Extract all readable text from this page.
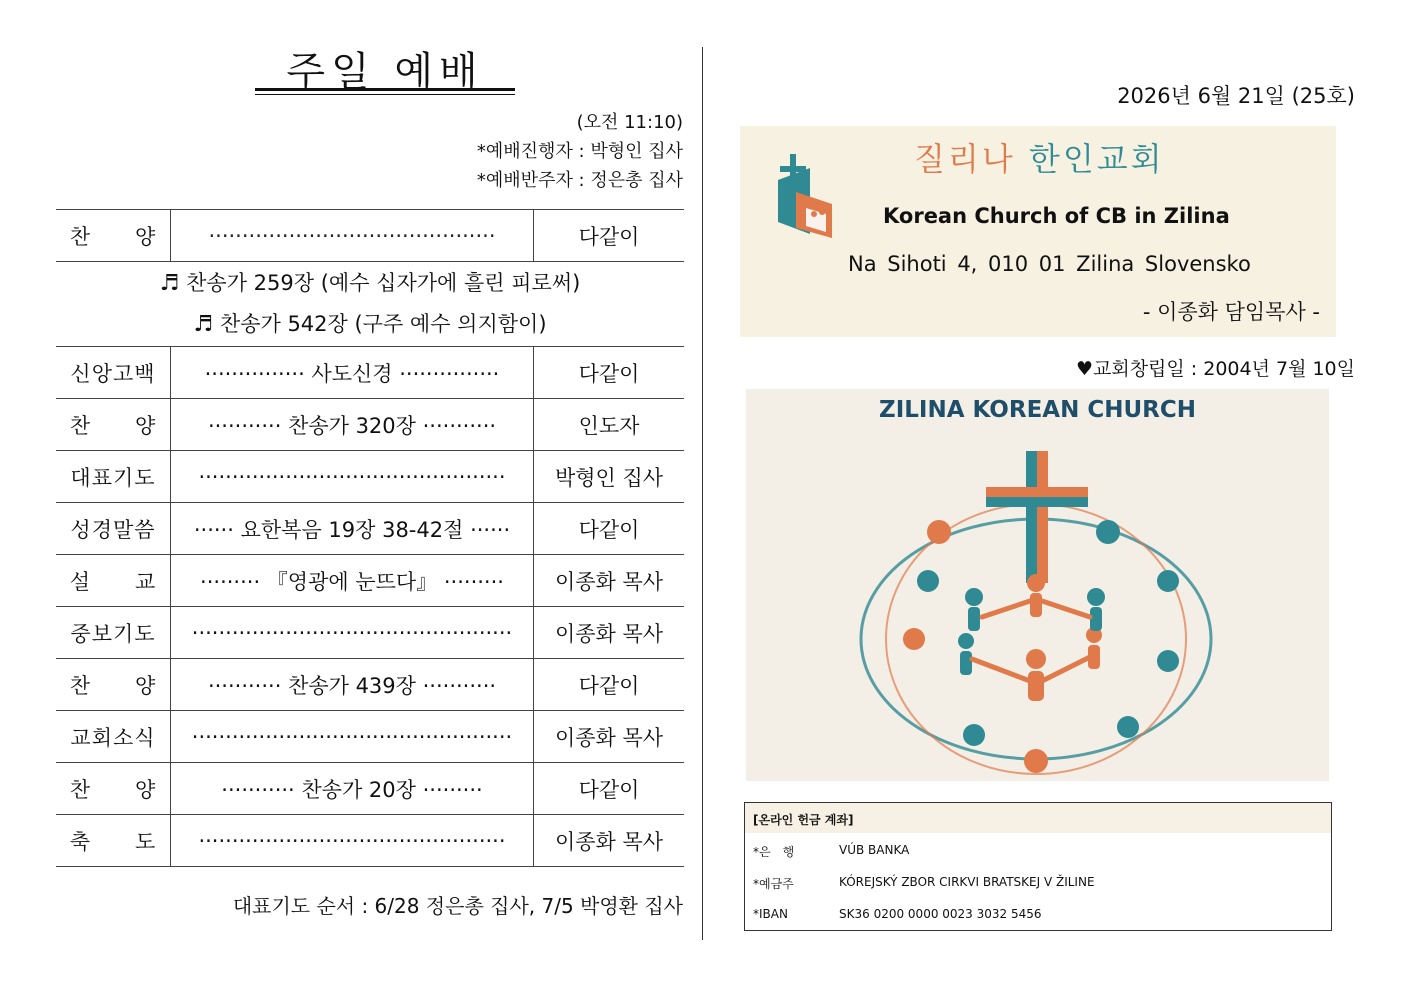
주일 예배
(오전 11:10)
*예배진행자 : 박형인 집사
*예배반주자 : 정은총 집사
찬　　양	···········································	다같이

♬ 찬송가 259장 (예수 십자가에 흘린 피로써)
♬ 찬송가 542장 (구주 예수 의지함이)		

신앙고백	··············· 사도신경 ···············	다같이
찬　　양	··········· 찬송가 320장 ···········	인도자
대표기도	··············································	박형인 집사
성경말씀	······ 요한복음 19장 38-42절 ······	다같이
설　　교	········· 『영광에 눈뜨다』 ·········	이종화 목사
중보기도	················································	이종화 목사
찬　　양	··········· 찬송가 439장 ···········	다같이
교회소식	················································	이종화 목사
찬　　양	··········· 찬송가 20장 ·········	다같이
축　　도	··············································	이종화 목사
대표기도 순서 : 6/28 정은총 집사, 7/5 박영환 집사
2026년 6월 21일 (25호)
질리나 한인교회
Korean Church of CB in Zilina
Na Sihoti 4, 010 01 Zilina Slovensko
- 이종화 담임목사 -
♥교회창립일 : 2004년 7월 10일
ZILINA KOREAN CHURCH
[온라인 헌금 계좌]
*은　행	VÚB BANKA
*예금주	KÓREJSKÝ ZBOR CIRKVI BRATSKEJ V ŽILINE
*IBAN	SK36 0200 0000 0023 3032 5456
